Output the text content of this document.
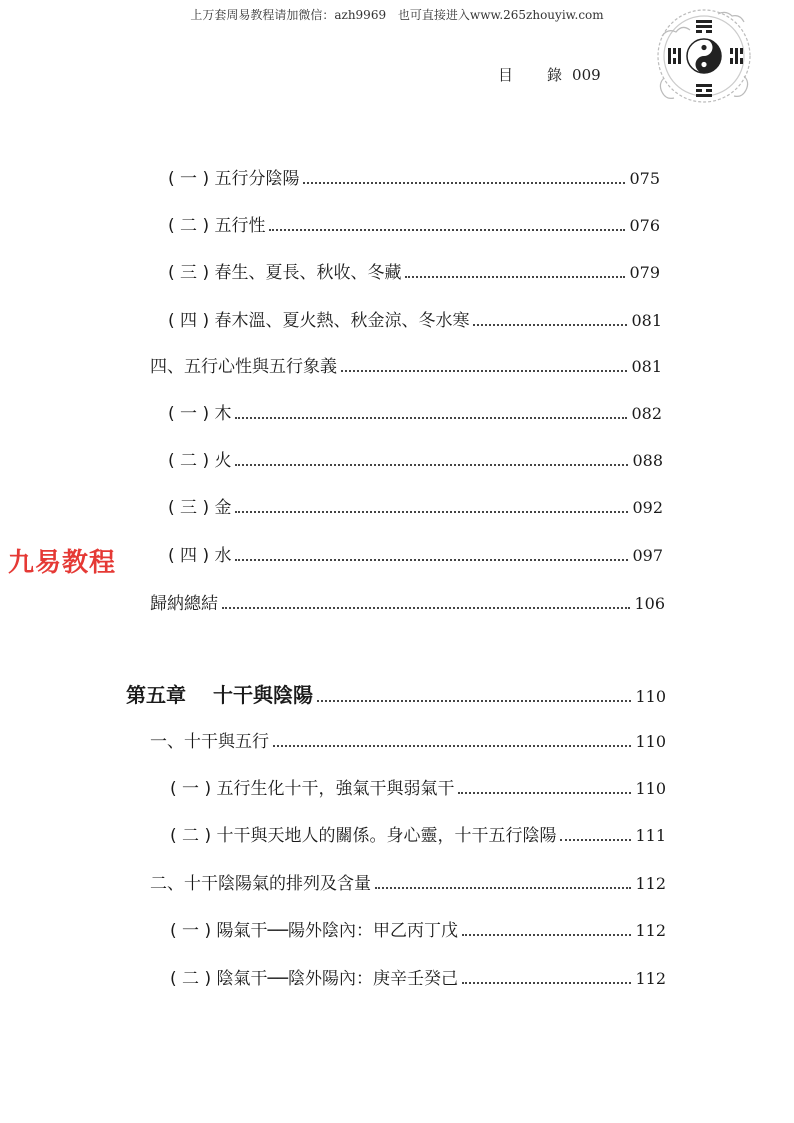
上万套周易教程请加微信：azh9969 也可直接进入www.265zhouyiw.com
目 錄 009
九易教程
( 一 ) 五行分陰陽	075
( 二 ) 五行性	076
( 三 ) 春生、夏長、秋收、冬藏	079
( 四 ) 春木溫、夏火熱、秋金涼、冬水寒	081
四、五行心性與五行象義	081
( 一 ) 木	082
( 二 ) 火	088
( 三 ) 金	092
( 四 ) 水	097
歸納總結	106
第五章　 十干與陰陽	110
一、十干與五行	110
( 一 ) 五行生化十干，強氣干與弱氣干	110
( 二 ) 十干與天地人的關係。身心靈，十干五行陰陽	111
二、十干陰陽氣的排列及含量	112
( 一 ) 陽氣干──陽外陰內：甲乙丙丁戊	112
( 二 ) 陰氣干──陰外陽內：庚辛壬癸己	112
